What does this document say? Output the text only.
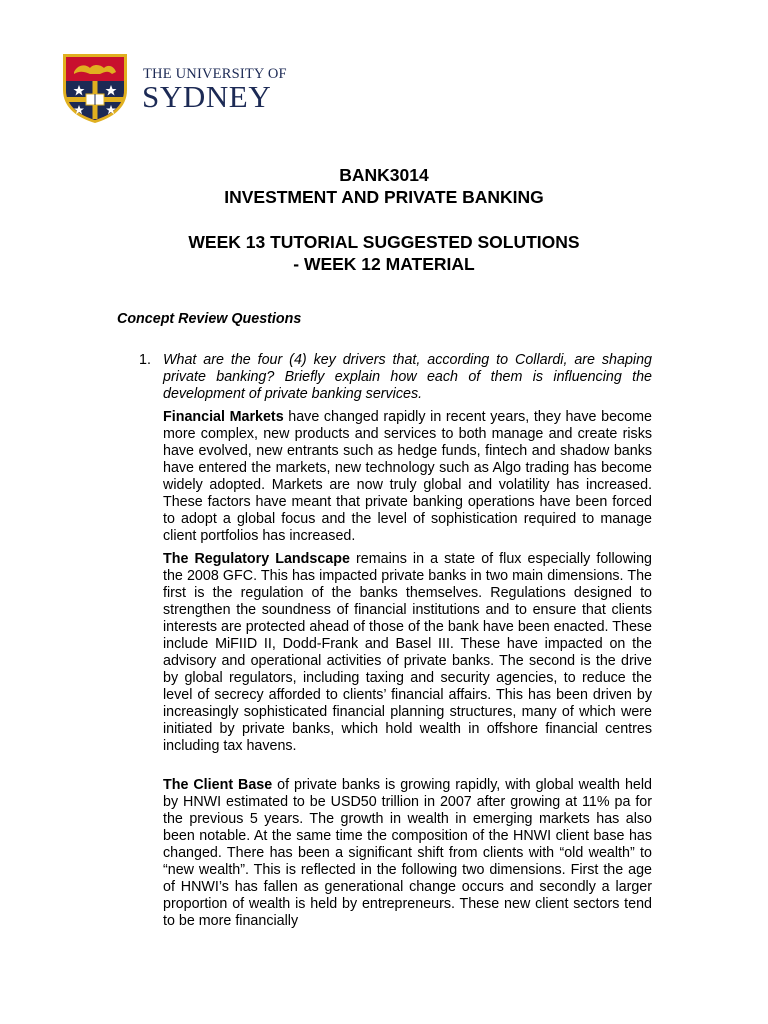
THE UNIVERSITY OF
SYDNEY
BANK3014
INVESTMENT AND PRIVATE BANKING
WEEK 13 TUTORIAL SUGGESTED SOLUTIONS
- WEEK 12 MATERIAL
Concept Review Questions
1. What are the four (4) key drivers that, according to Collardi, are shaping private banking? Briefly explain how each of them is influencing the development of private banking services.

Financial Markets have changed rapidly in recent years, they have become more complex, new products and services to both manage and create risks have evolved, new entrants such as hedge funds, fintech and shadow banks have entered the markets, new technology such as Algo trading has become widely adopted. Markets are now truly global and volatility has increased. These factors have meant that private banking operations have been forced to adopt a global focus and the level of sophistication required to manage client portfolios has increased.

The Regulatory Landscape remains in a state of flux especially following the 2008 GFC. This has impacted private banks in two main dimensions. The first is the regulation of the banks themselves. Regulations designed to strengthen the soundness of financial institutions and to ensure that clients interests are protected ahead of those of the bank have been enacted. These include MiFIID II, Dodd-Frank and Basel III. These have impacted on the advisory and operational activities of private banks. The second is the drive by global regulators, including taxing and security agencies, to reduce the level of secrecy afforded to clients’ financial affairs. This has been driven by increasingly sophisticated financial planning structures, many of which were initiated by private banks, which hold wealth in offshore financial centres including tax havens.

The Client Base of private banks is growing rapidly, with global wealth held by HNWI estimated to be USD50 trillion in 2007 after growing at 11% pa for the previous 5 years. The growth in wealth in emerging markets has also been notable. At the same time the composition of the HNWI client base has changed. There has been a significant shift from clients with “old wealth” to “new wealth”. This is reflected in the following two dimensions. First the age of HNWI’s has fallen as generational change occurs and secondly a larger proportion of wealth is held by entrepreneurs. These new client sectors tend to be more financially
